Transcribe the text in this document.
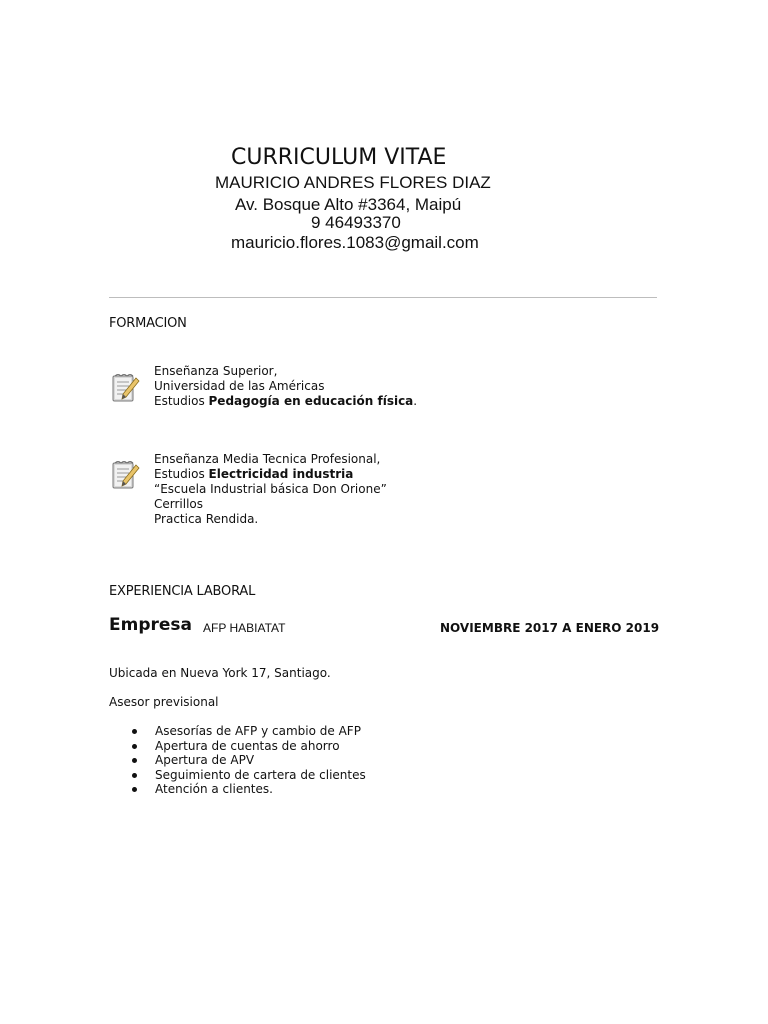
CURRICULUM VITAE
MAURICIO ANDRES FLORES DIAZ
Av. Bosque Alto #3364, Maipú
9 46493370
mauricio.flores.1083@gmail.com
FORMACION
Enseñanza Superior,
Universidad de las Américas
Estudios Pedagogía en educación física.
Enseñanza Media Tecnica Profesional,
Estudios Electricidad industria
“Escuela Industrial básica Don Orione”
Cerrillos
Practica Rendida.
EXPERIENCIA LABORAL
Empresa AFP HABIATAT	NOVIEMBRE 2017 A ENERO 2019
Ubicada en Nueva York 17, Santiago.
Asesor previsional
Asesorías de AFP y cambio de AFP
Apertura de cuentas de ahorro
Apertura de APV
Seguimiento de cartera de clientes
Atención a clientes.
